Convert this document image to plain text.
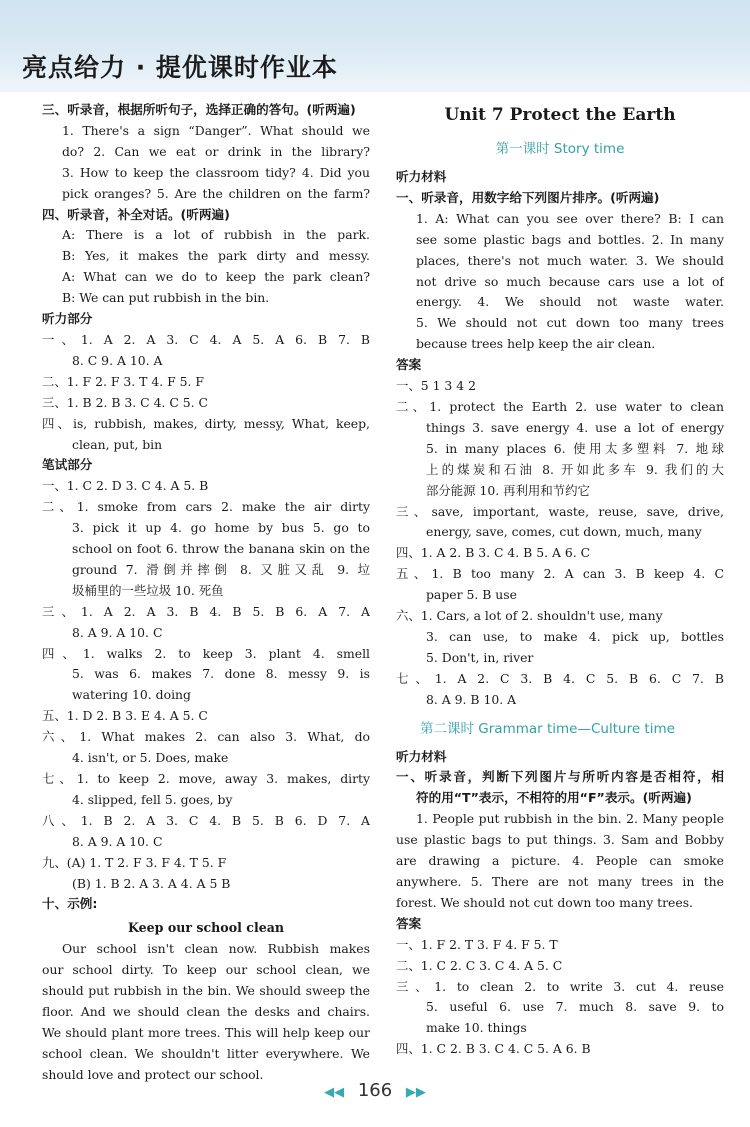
亮点给力 · 提优课时作业本
三、听录音，根据所听句子，选择正确的答句。(听两遍)
1. There's a sign “Danger”. What should we
do? 2. Can we eat or drink in the library?
3. How to keep the classroom tidy? 4. Did you
pick oranges? 5. Are the children on the farm?
四、听录音，补全对话。(听两遍)
A: There is a lot of rubbish in the park.
B: Yes, it makes the park dirty and messy.
A: What can we do to keep the park clean?
B: We can put rubbish in the bin.
听力部分
一、1. A 2. A 3. C 4. A 5. A 6. B 7. B
8. C 9. A 10. A
二、1. F 2. F 3. T 4. F 5. F
三、1. B 2. B 3. C 4. C 5. C
四、is, rubbish, makes, dirty, messy, What, keep,
clean, put, bin
笔试部分
一、1. C 2. D 3. C 4. A 5. B
二、1. smoke from cars 2. make the air dirty
3. pick it up 4. go home by bus 5. go to
school on foot 6. throw the banana skin on the
ground 7. 滑倒并摔倒 8. 又脏又乱 9. 垃
圾桶里的一些垃圾 10. 死鱼
三、1. A 2. A 3. B 4. B 5. B 6. A 7. A
8. A 9. A 10. C
四、1. walks 2. to keep 3. plant 4. smell
5. was 6. makes 7. done 8. messy 9. is
watering 10. doing
五、1. D 2. B 3. E 4. A 5. C
六、1. What makes 2. can also 3. What, do
4. isn't, or 5. Does, make
七、1. to keep 2. move, away 3. makes, dirty
4. slipped, fell 5. goes, by
八、1. B 2. A 3. C 4. B 5. B 6. D 7. A
8. A 9. A 10. C
九、(A) 1. T 2. F 3. F 4. T 5. F
(B) 1. B 2. A 3. A 4. A 5 B
十、示例:
Keep our school clean
Our school isn't clean now. Rubbish makes
our school dirty. To keep our school clean, we
should put rubbish in the bin. We should sweep the
floor. And we should clean the desks and chairs.
We should plant more trees. This will help keep our
school clean. We shouldn't litter everywhere. We
should love and protect our school.
Unit 7 Protect the Earth
第一课时 Story time
听力材料
一、听录音，用数字给下列图片排序。(听两遍)
1. A: What can you see over there? B: I can
see some plastic bags and bottles. 2. In many
places, there's not much water. 3. We should
not drive so much because cars use a lot of
energy. 4. We should not waste water.
5. We should not cut down too many trees
because trees help keep the air clean.
答案
一、5 1 3 4 2
二、1. protect the Earth 2. use water to clean
things 3. save energy 4. use a lot of energy
5. in many places 6. 使用太多塑料 7. 地球
上的煤炭和石油 8. 开如此多车 9. 我们的大
部分能源 10. 再利用和节约它
三、save, important, waste, reuse, save, drive,
energy, save, comes, cut down, much, many
四、1. A 2. B 3. C 4. B 5. A 6. C
五、1. B too many 2. A can 3. B keep 4. C
paper 5. B use
六、1. Cars, a lot of 2. shouldn't use, many
3. can use, to make 4. pick up, bottles
5. Don't, in, river
七、1. A 2. C 3. B 4. C 5. B 6. C 7. B
8. A 9. B 10. A
第二课时 Grammar time—Culture time
听力材料
一、听录音，判断下列图片与所听内容是否相符，相
符的用“T”表示，不相符的用“F”表示。(听两遍)
1. People put rubbish in the bin. 2. Many people
use plastic bags to put things. 3. Sam and Bobby
are drawing a picture. 4. People can smoke
anywhere. 5. There are not many trees in the
forest. We should not cut down too many trees.
答案
一、1. F 2. T 3. F 4. F 5. T
二、1. C 2. C 3. C 4. A 5. C
三、1. to clean 2. to write 3. cut 4. reuse
5. useful 6. use 7. much 8. save 9. to
make 10. things
四、1. C 2. B 3. C 4. C 5. A 6. B
◀◀ 166 ▶▶
